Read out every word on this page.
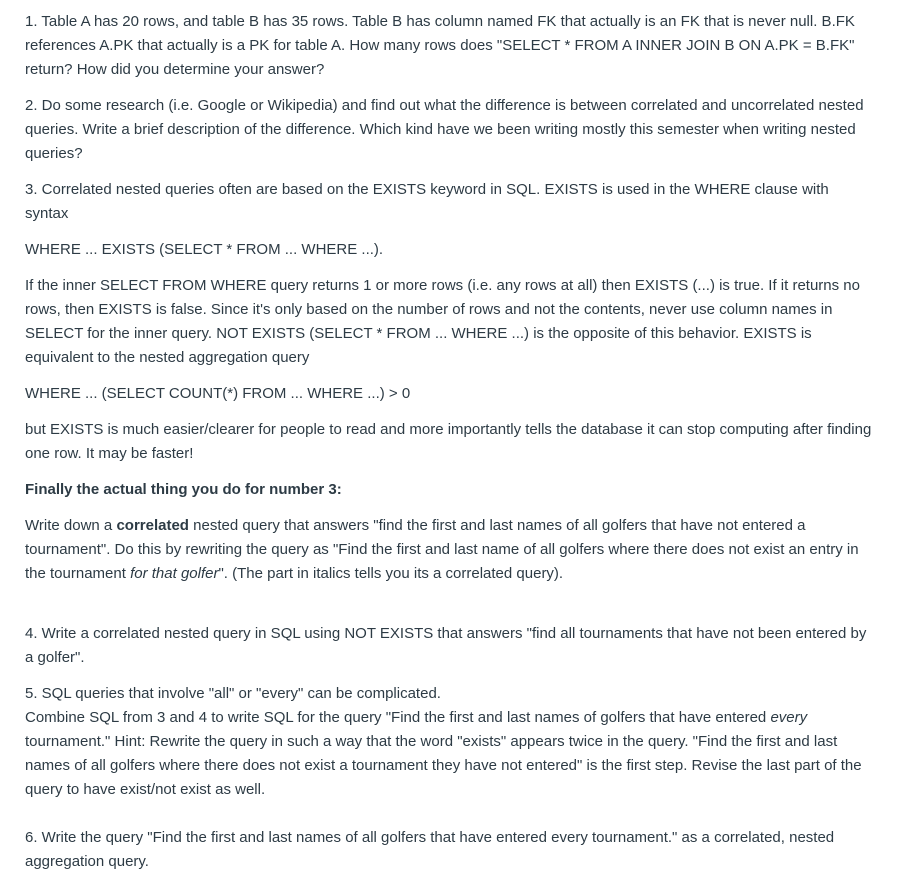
1. Table A has 20 rows, and table B has 35 rows. Table B has column named FK that actually is an FK that is never null. B.FK references A.PK that actually is a PK for table A. How many rows does "SELECT * FROM A INNER JOIN B ON A.PK = B.FK" return? How did you determine your answer?

2. Do some research (i.e. Google or Wikipedia) and find out what the difference is between correlated and uncorrelated nested queries. Write a brief description of the difference. Which kind have we been writing mostly this semester when writing nested queries?

3. Correlated nested queries often are based on the EXISTS keyword in SQL. EXISTS is used in the WHERE clause with syntax

WHERE ... EXISTS (SELECT * FROM ... WHERE ...).

If the inner SELECT FROM WHERE query returns 1 or more rows (i.e. any rows at all) then EXISTS (...) is true. If it returns no rows, then EXISTS is false. Since it's only based on the number of rows and not the contents, never use column names in SELECT for the inner query. NOT EXISTS (SELECT * FROM ... WHERE ...) is the opposite of this behavior. EXISTS is equivalent to the nested aggregation query

WHERE ... (SELECT COUNT(*) FROM ... WHERE ...) > 0

but EXISTS is much easier/clearer for people to read and more importantly tells the database it can stop computing after finding one row. It may be faster!

Finally the actual thing you do for number 3:

Write down a correlated nested query that answers "find the first and last names of all golfers that have not entered a tournament". Do this by rewriting the query as "Find the first and last name of all golfers where there does not exist an entry in the tournament for that golfer". (The part in italics tells you its a correlated query).

4. Write a correlated nested query in SQL using NOT EXISTS that answers "find all tournaments that have not been entered by a golfer".

5. SQL queries that involve "all" or "every" can be complicated.
Combine SQL from 3 and 4 to write SQL for the query "Find the first and last names of golfers that have entered every tournament." Hint: Rewrite the query in such a way that the word "exists" appears twice in the query. "Find the first and last names of all golfers where there does not exist a tournament they have not entered" is the first step. Revise the last part of the query to have exist/not exist as well.

6. Write the query "Find the first and last names of all golfers that have entered every tournament." as a correlated, nested aggregation query.
